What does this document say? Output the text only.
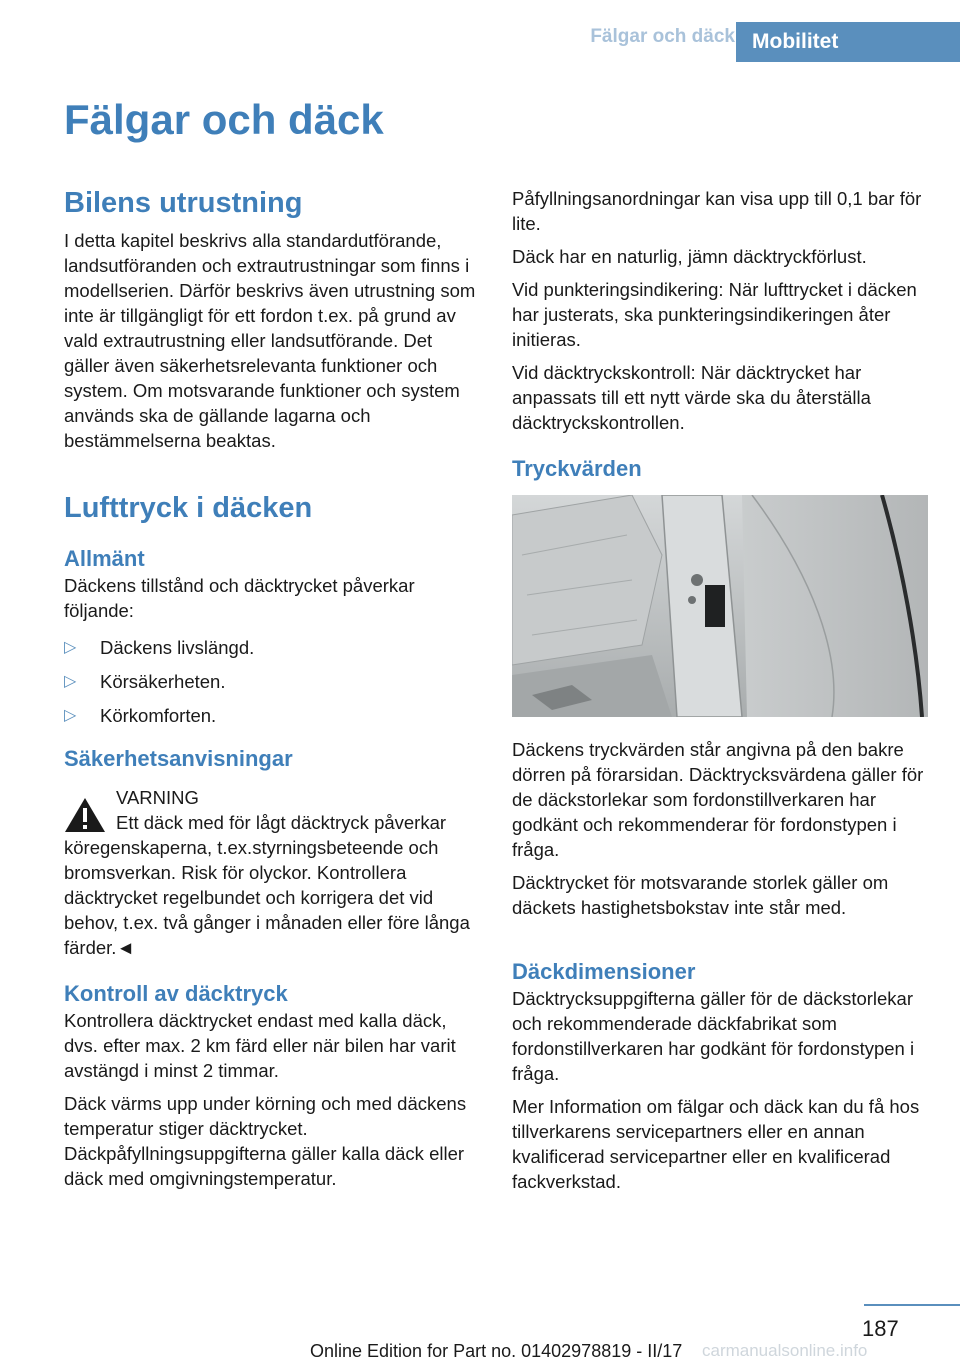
Fälgar och däck Mobilitet
Fälgar och däck
Bilens utrustning

I detta kapitel beskrivs alla standardutförande, landsutföranden och extrautrustningar som finns i modellserien. Därför beskrivs även utrustning som inte är tillgängligt för ett fordon t.ex. på grund av vald extrautrustning eller landsutförande. Det gäller även säkerhetsrelevanta funktioner och system. Om motsvarande funktioner och system används ska de gällande lagarna och bestämmelserna beaktas.

Lufttryck i däcken
Allmänt

Däckens tillstånd och däcktrycket påverkar följande:

▷ Däckens livslängd.
▷ Körsäkerheten.
▷ Körkomforten.
Säkerhetsanvisningar

VARNING

Ett däck med för lågt däcktryck påverkar köregenskaperna, t.ex.styrningsbeteende och bromsverkan. Risk för olyckor. Kontrollera däcktrycket regelbundet och korrigera det vid behov, t.ex. två gånger i månaden eller före långa färder.◄

Kontroll av däcktryck

Kontrollera däcktrycket endast med kalla däck, dvs. efter max. 2 km färd eller när bilen har varit avstängd i minst 2 timmar.

Däck värms upp under körning och med däckens temperatur stiger däcktrycket. Däckpåfyllningsuppgifterna gäller kalla däck eller däck med omgivningstemperatur.

Påfyllningsanordningar kan visa upp till 0,1 bar för lite.

Däck har en naturlig, jämn däcktryckförlust.

Vid punkteringsindikering: När lufttrycket i däcken har justerats, ska punkteringsindikeringen åter initieras.

Vid däcktryckskontroll: När däcktrycket har anpassats till ett nytt värde ska du återställa däcktryckskontrollen.

Tryckvärden

Däckens tryckvärden står angivna på den bakre dörren på förarsidan. Däcktrycksvärdena gäller för de däckstorlekar som fordonstillverkaren har godkänt och rekommenderar för fordonstypen i fråga.

Däcktrycket för motsvarande storlek gäller om däckets hastighetsbokstav inte står med.

Däckdimensioner

Däcktrycksuppgifterna gäller för de däckstorlekar och rekommenderade däckfabrikat som fordonstillverkaren har godkänt för fordonstypen i fråga.

Mer Information om fälgar och däck kan du få hos tillverkarens servicepartners eller en annan kvalificerad servicepartner eller en kvalificerad fackverkstad.

187
Online Edition for Part no. 01402978819 - II/17 carmanualsonline.info
